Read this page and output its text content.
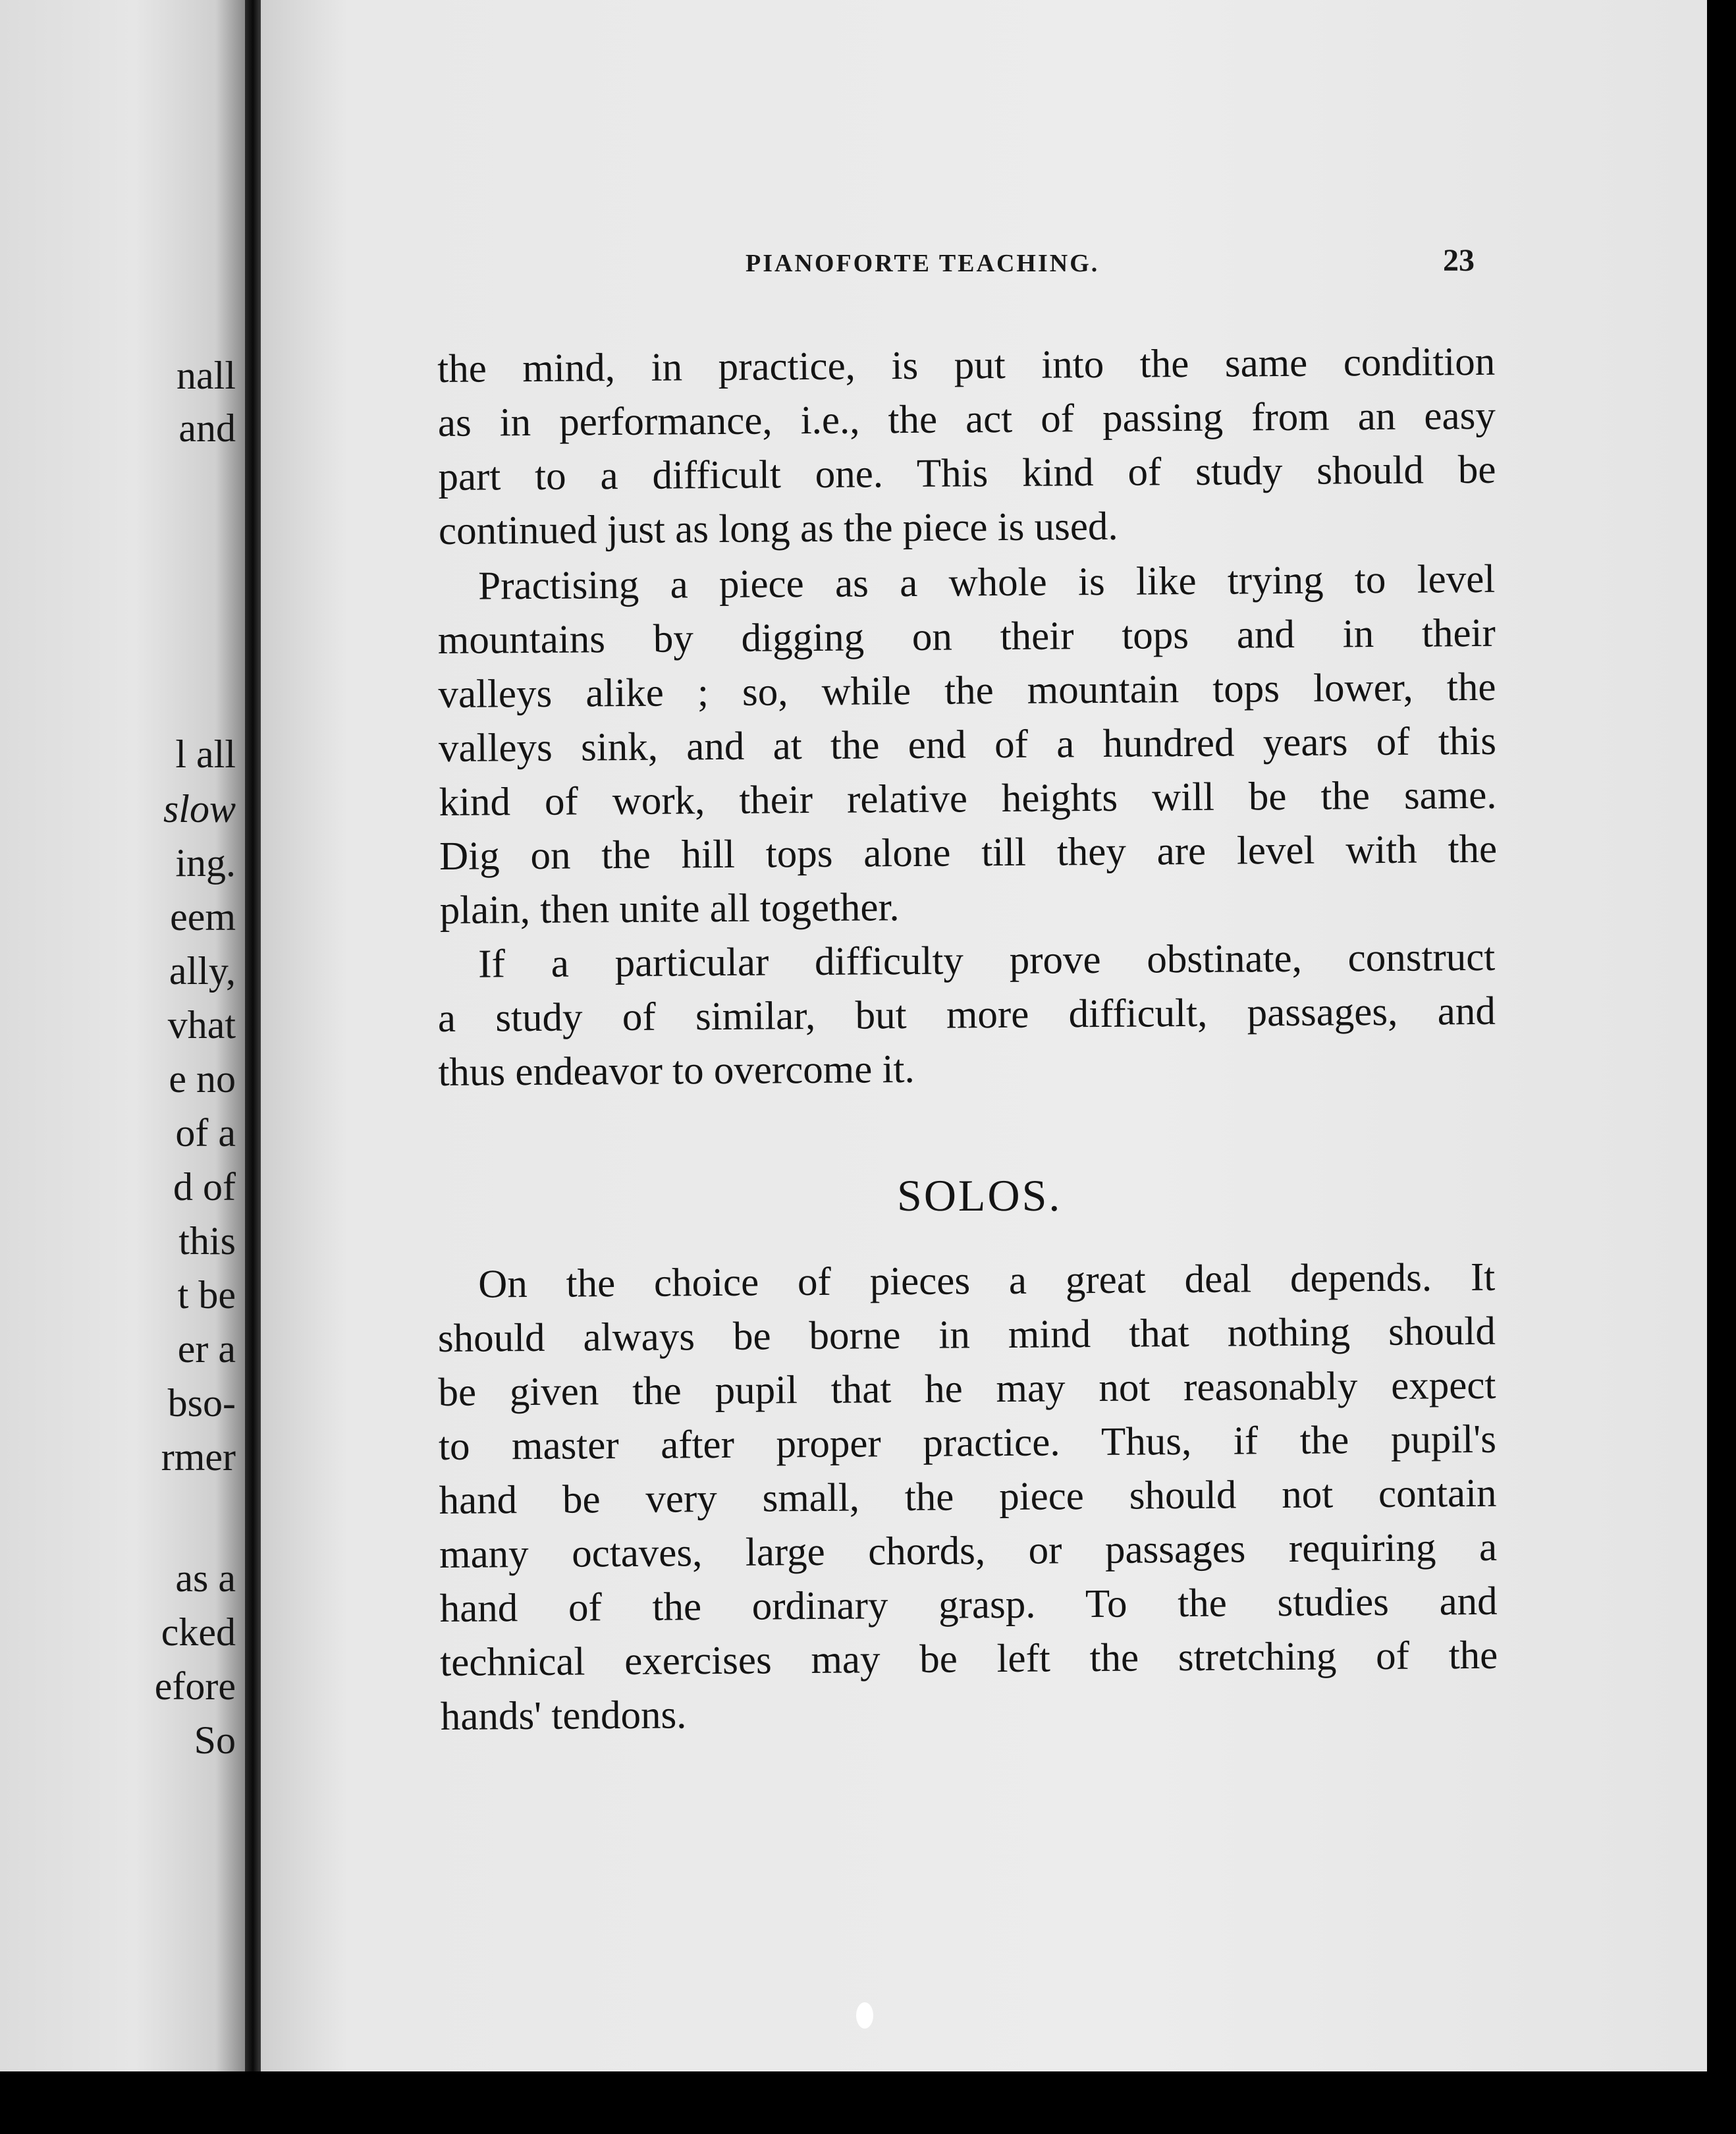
nall
and
l all
slow
ing.
eem
ally,
vhat
e no
of a
d of
this
t be
er a
bso-
rmer
as a
cked
efore
So
PIANOFORTE TEACHING.	23
the mind, in practice, is put into the same condition
as in performance, i.e., the act of passing from an easy
part to a difficult one. This kind of study should be
continued just as long as the piece is used.
Practising a piece as a whole is like trying to level
mountains by digging on their tops and in their
valleys alike ; so, while the mountain tops lower, the
valleys sink, and at the end of a hundred years of this
kind of work, their relative heights will be the same.
Dig on the hill tops alone till they are level with the
plain, then unite all together.
If a particular difficulty prove obstinate, construct
a study of similar, but more difficult, passages, and
thus endeavor to overcome it.
SOLOS.
On the choice of pieces a great deal depends. It
should always be borne in mind that nothing should
be given the pupil that he may not reasonably expect
to master after proper practice. Thus, if the pupil's
hand be very small, the piece should not contain
many octaves, large chords, or passages requiring a
hand of the ordinary grasp. To the studies and
technical exercises may be left the stretching of the
hands' tendons.
